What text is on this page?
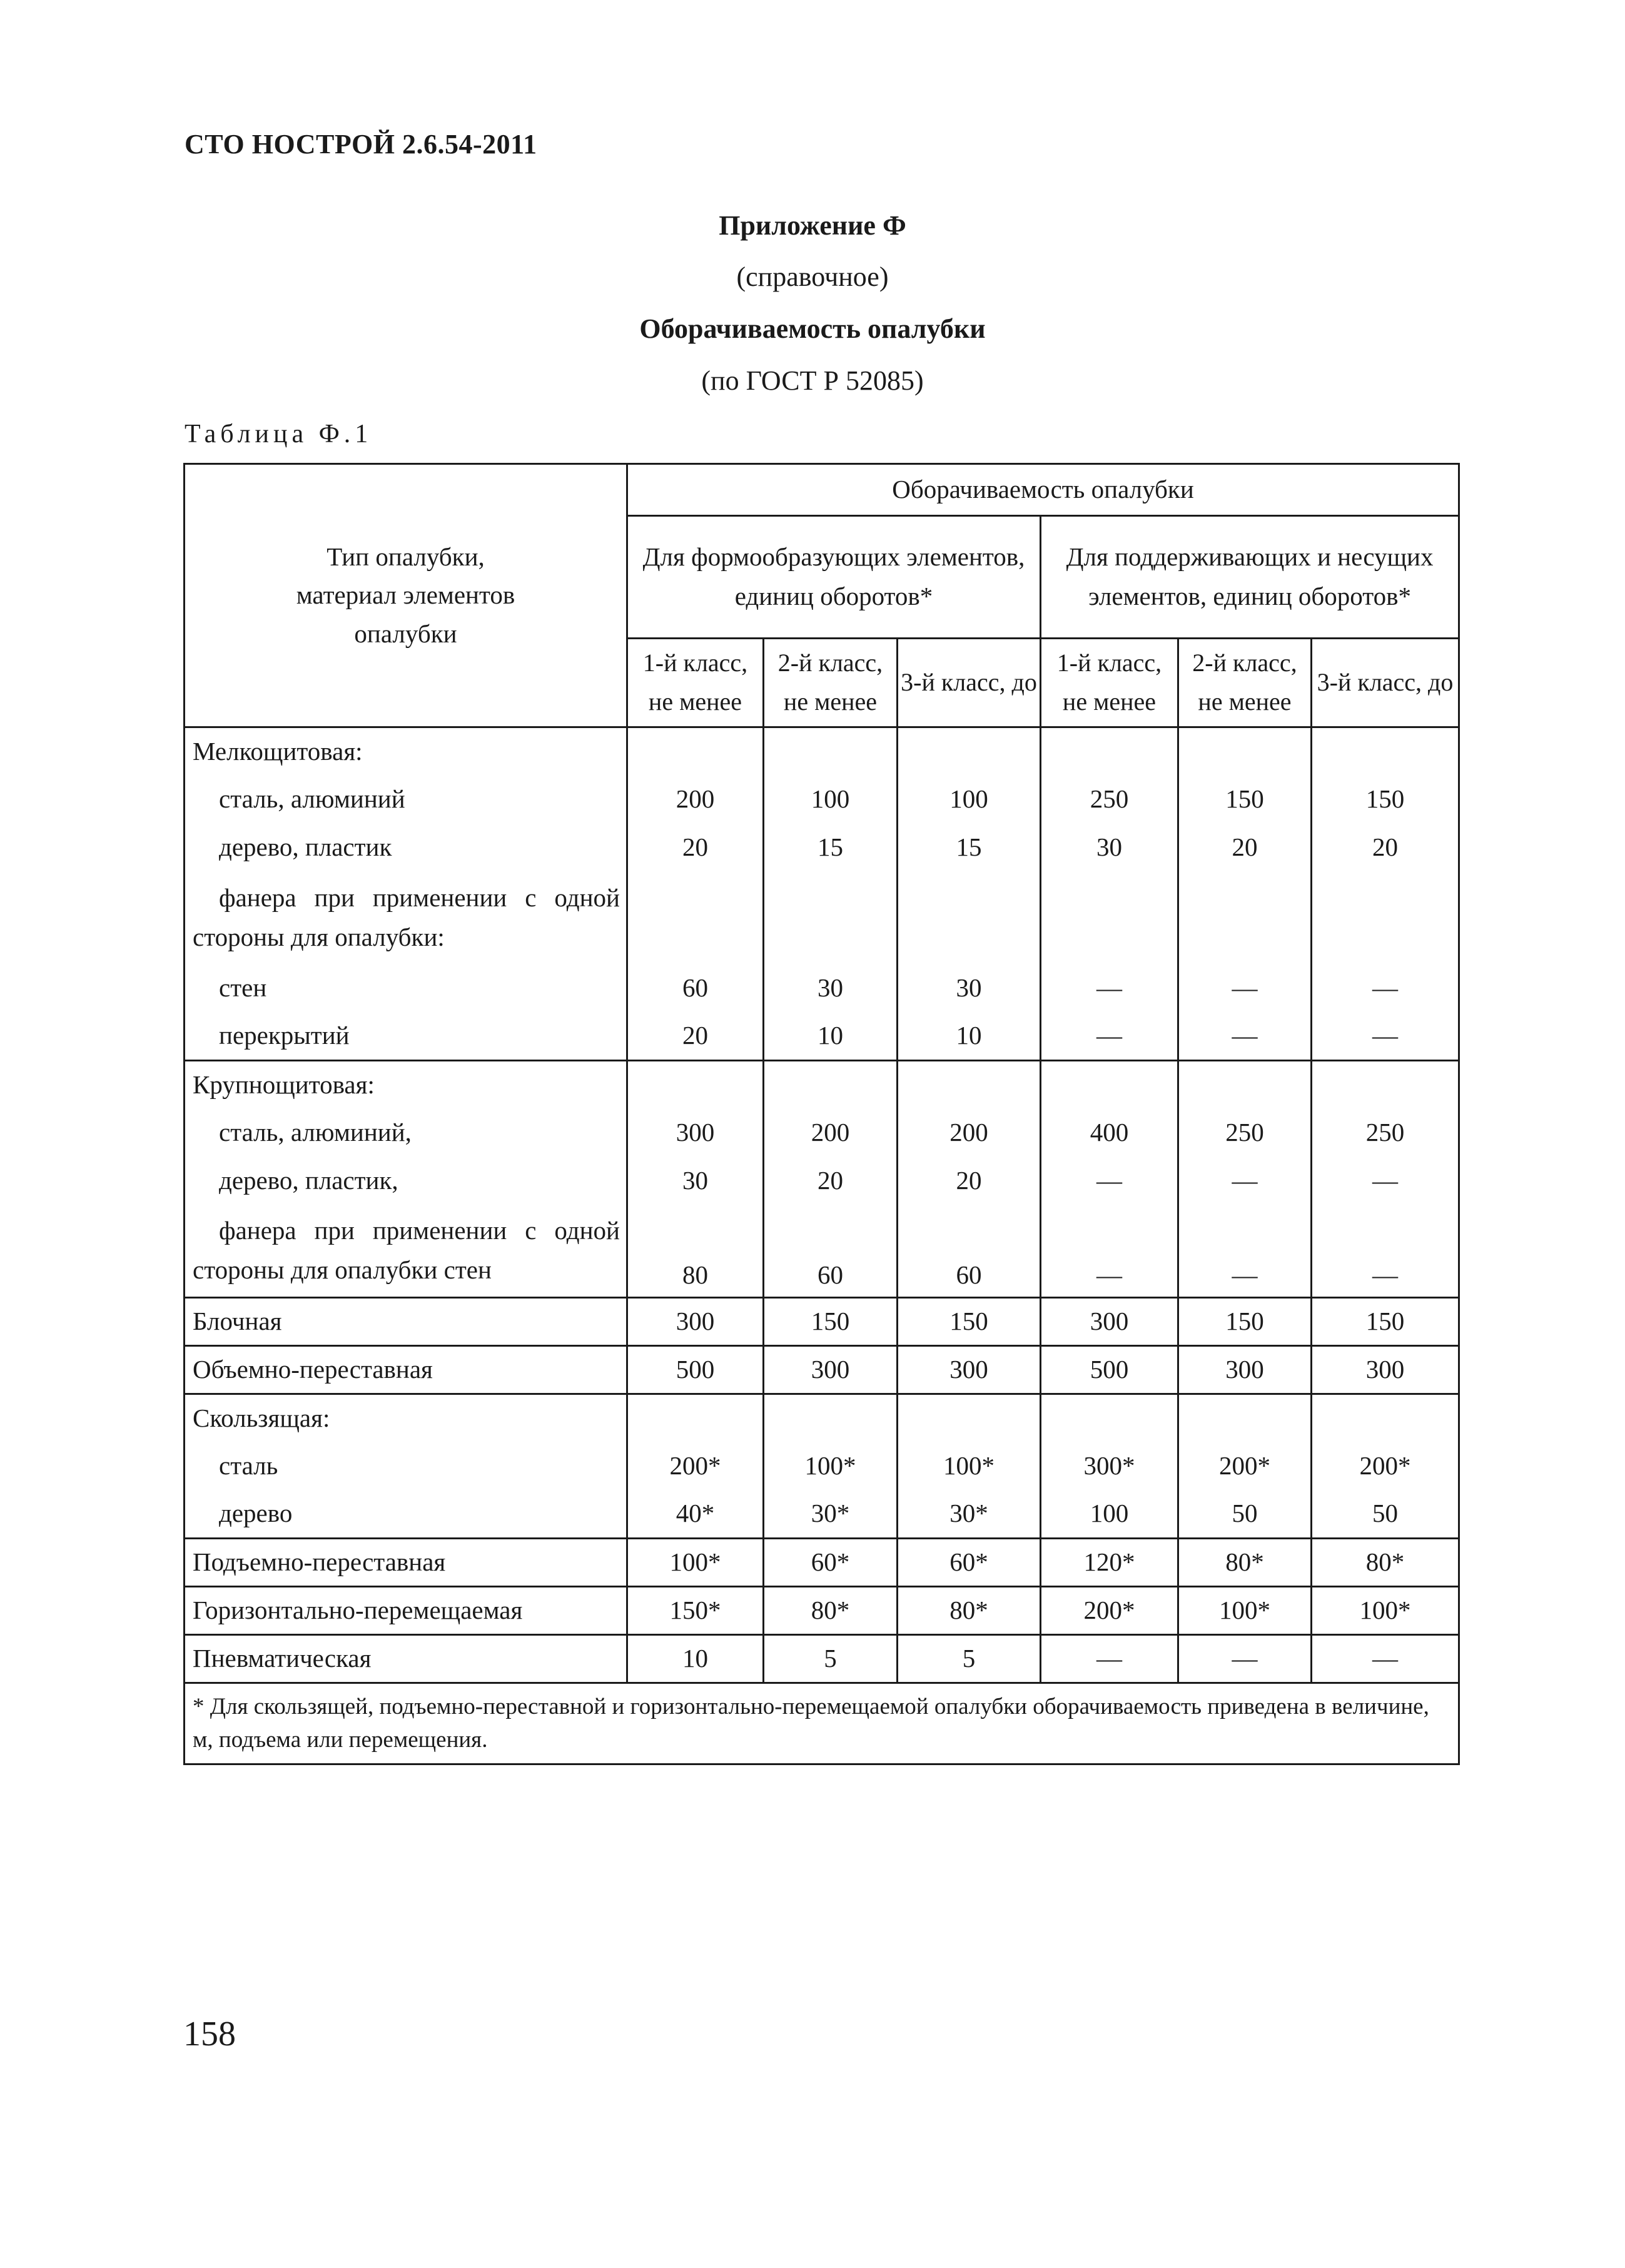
СТО НОСТРОЙ 2.6.54-2011
Приложение Ф
(справочное)
Оборачиваемость опалубки
(по ГОСТ Р 52085)
Таблица Ф.1
Тип опалубки, материал элементов опалубки	Оборачиваемость опалубки					
	Для формообразующих элементов, единиц оборотов*			Для поддерживающих и несущих элементов, единиц оборотов*		
	1-й класс, не менее	2-й класс, не менее	3-й класс, до	1-й класс, не менее	2-й класс, не менее	3-й класс, до
Мелкощитовая:						
сталь, алюминий	200	100	100	250	150	150
дерево, пластик	20	15	15	30	20	20
фанера при применении с одной стороны для опалубки:						
стен	60	30	30	—	—	—
перекрытий	20	10	10	—	—	—
Крупнощитовая:						
сталь, алюминий,	300	200	200	400	250	250
дерево, пластик,	30	20	20	—	—	—
фанера при применении с одной стороны для опалубки стен	80	60	60	—	—	—
Блочная	300	150	150	300	150	150
Объемно-переставная	500	300	300	500	300	300
Скользящая:						
сталь	200*	100*	100*	300*	200*	200*
дерево	40*	30*	30*	100	50	50
Подъемно-переставная	100*	60*	60*	120*	80*	80*
Горизонтально-перемещаемая	150*	80*	80*	200*	100*	100*
Пневматическая	10	5	5	—	—	—
* Для скользящей, подъемно-переставной и горизонтально-перемещаемой опалубки оборачиваемость приведена в величине, м, подъема или перемещения.						
158
